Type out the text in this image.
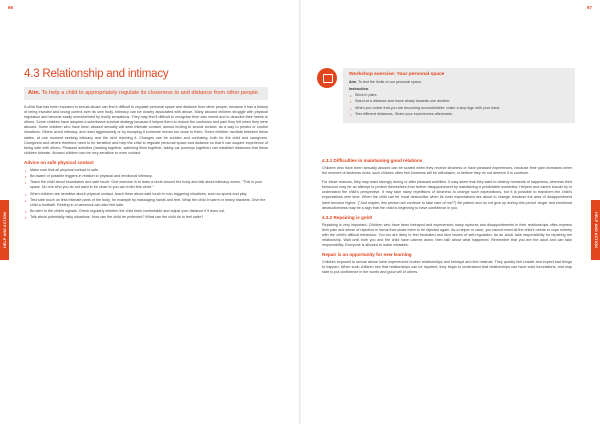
66
HELP AND ACTION
4.3 Relationship and intimacy
Aim. To help a child to appropriately regulate its closeness to and distance from other people.

A child that has been exposed to sexual abuse can find it difficult to regulate personal space and distance from other people, because it has a history of being invaded and losing control over its own body. Intimacy can be closely associated with abuse. Many abused children struggle with physical regulation and become easily overwhelmed by bodily sensations. They may find it difficult to recognise their own needs and to describe their needs to others. Some children have adopted a submissive survival strategy because it helped them to reduce the confusion and pain they felt when they were abused. Some children who have been abused sexually will seek intimate contact, almost inviting to sexual contact, as a way to predict or control situations. Others avoid intimacy, and react aggressively or by escaping if someone moves too close to them. Some children oscillate between these states, at one moment seeking intimacy and the next rejecting it. Changes can be sudden and confusing, both for the child and caregivers. Caregivers and others therefore need to be sensitive and help the child to regulate personal space and distance so that it can acquire experience of being safe with others. Pleasant activities (reading together, watching films together, taking car journeys together) can establish distances that these children tolerate. Abused children can be very sensitive to even contact.

Advice on safe physical contact
• Make sure that all physical contact is safe.
• Be aware of possible triggers in relation to physical and emotional intimacy.
• Teach the child about boundaries and safe touch. One exercise is to draw a circle around the body and talk about intimacy zones. "This is your space. No one who you do not want to be close to you can enter this circle."
• When children are sensitive about physical contact, teach them about safe touch in non-triggering situations, such as sports and play.
• Test safe touch on less intimate parts of the body, for example by massaging hands and feet. Wrap the child in warm or heavy blankets. Give the child a footbath. Resting in a hammock can also feel safe.
• Be alert to the child's signals. Check regularly whether the child feels comfortable and adjust your distance if it does not.
• Talk about potentially risky situations. How can the child be protected? What can the child do to feel safer?
67
HELP AND ACTION
WORKSHOP
Workshop exercise: Your personal space
Aim. To test the limits of our personal space.
Instruction.
• Work in pairs.
• Stand at a distance and move slowly towards one another.
• When you notice that you are becoming uncomfortable, make a stop sign with your hand.
• Test different distances. Share your experiences afterwards.
4.3.1 Difficulties in maintaining good relations

Children who have been sexually abused can be scared when they receive kindness or have pleasant experiences, because their pain increases when the moment of kindness ends; such children often feel kindness will be withdrawn, or believe they do not deserve it to continue.

For these reasons, they may react strongly during or after pleasant activities. It may seem that they want to destroy moments of happiness, whereas their behaviour may be an attempt to protect themselves from further disappointment by maintaining a predictable worldview. Helpers and carers should try to understand the child's perspective. It may take many repetitions of kindness to change such expectations, but it is possible to transform the child's expectations over time. When the child can be 'most destructive when its inner expectations are about to change, because the area of disappointment have become higher. ("Just maybe, this person will continue to take care of me?") Be patient and do not give up during this period. Anger and emotional destructiveness may be a sign that the child is beginning to have confidence in you.

4.3.2 Repairing is gold!

Repairing is very important. Children who have been betrayed and experienced many ruptures and disappointments in their relationships often express their pain and sense of rejection in forms that cause them to be rejected again. As a helper or carer, you cannot meet all the child's needs or cope entirely with the child's difficult behaviour. You too are likely to feel frustrated and face issues of self-regulation. As an adult, take responsibility for repairing the relationship. Wait until both you and the child have calmed down, then talk about what happened. Remember that you are the adult and can take responsibility. Everyone is allowed to make mistakes.

Repair is an opportunity for new learning

Children exposed to sexual abuse have experienced broken relationships and betrayal and feel mistrust. They quickly feel unsafe and expect bad things to happen. When such children see that relationships can be repaired, they begin to understand that relationships can have solid foundations, and may start to put confidence in the words and good will of others.
